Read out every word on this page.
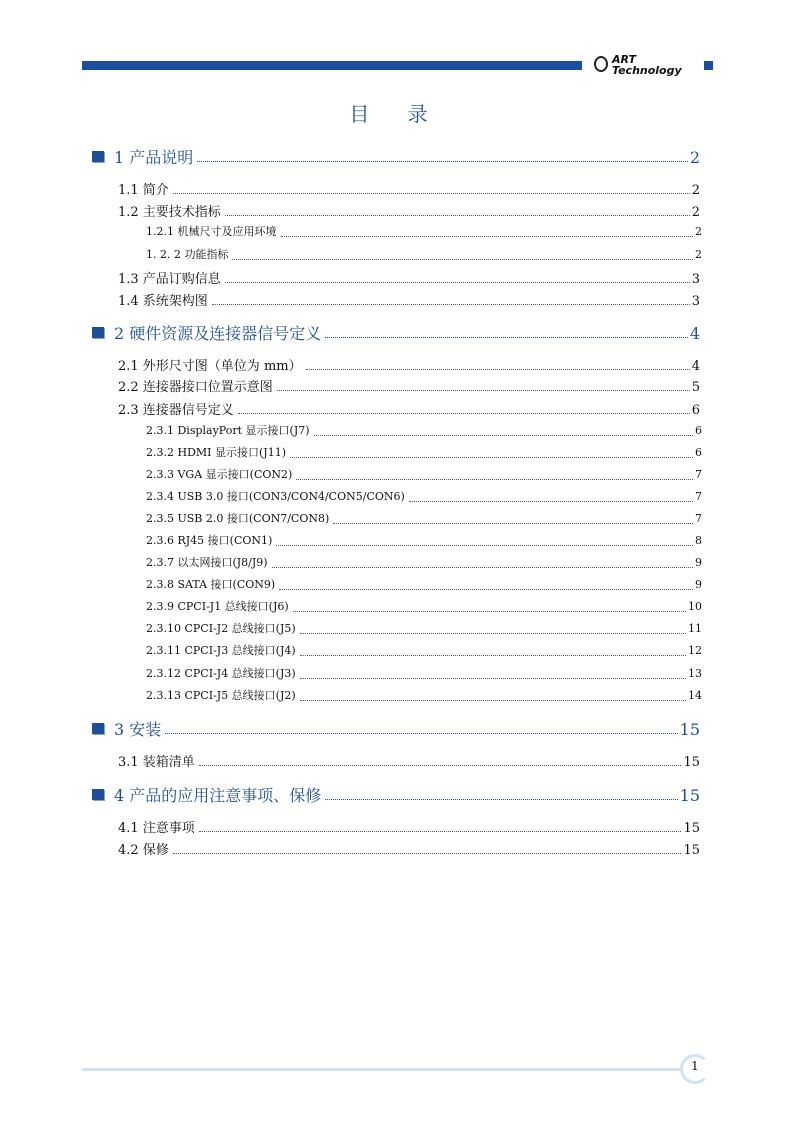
ART
Technology
目 录
1 产品说明	2
1.1 简介	2
1.2 主要技术指标	2
1.2.1 机械尺寸及应用环境	2
1. 2. 2 功能指标	2
1.3 产品订购信息	3
1.4 系统架构图	3
2 硬件资源及连接器信号定义	4
2.1 外形尺寸图（单位为 mm）	4
2.2 连接器接口位置示意图	5
2.3 连接器信号定义	6
2.3.1 DisplayPort 显示接口(J7)	6
2.3.2 HDMI 显示接口(J11)	6
2.3.3 VGA 显示接口(CON2)	7
2.3.4 USB 3.0 接口(CON3/CON4/CON5/CON6)	7
2.3.5 USB 2.0 接口(CON7/CON8)	7
2.3.6 RJ45 接口(CON1)	8
2.3.7 以太网接口(J8/J9)	9
2.3.8 SATA 接口(CON9)	9
2.3.9 CPCI-J1 总线接口(J6)	10
2.3.10 CPCI-J2 总线接口(J5)	11
2.3.11 CPCI-J3 总线接口(J4)	12
2.3.12 CPCI-J4 总线接口(J3)	13
2.3.13 CPCI-J5 总线接口(J2)	14
3 安装	15
3.1 装箱清单	15
4 产品的应用注意事项、保修	15
4.1 注意事项	15
4.2 保修	15
1
